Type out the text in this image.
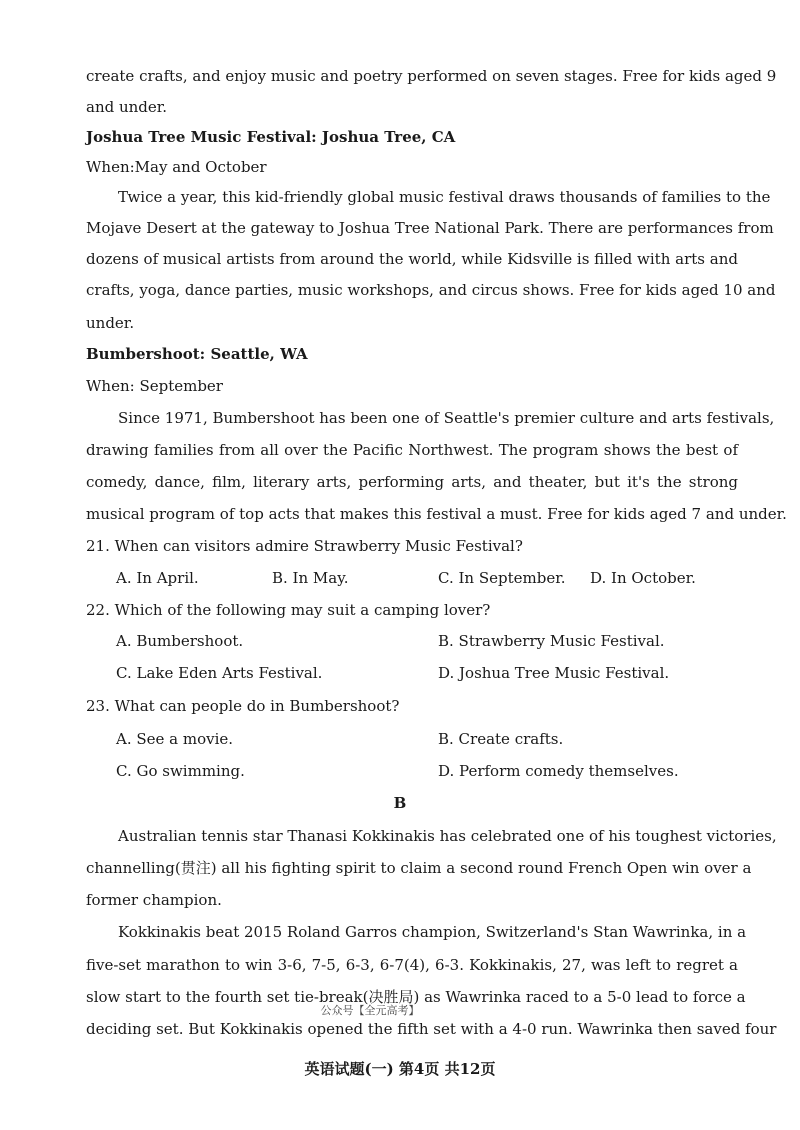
create crafts, and enjoy music and poetry performed on seven stages. Free for kids aged 9
and under.
Joshua Tree Music Festival: Joshua Tree, CA
When:May and October
Twice a year, this kid-friendly global music festival draws thousands of families to the
Mojave Desert at the gateway to Joshua Tree National Park. There are performances from
dozens of musical artists from around the world, while Kidsville is filled with arts and
crafts, yoga, dance parties, music workshops, and circus shows. Free for kids aged 10 and
under.
Bumbershoot: Seattle, WA
When: September
Since 1971, Bumbershoot has been one of Seattle's premier culture and arts festivals,
drawing families from all over the Pacific Northwest. The program shows the best of
comedy, dance, film, literary arts, performing arts, and theater, but it's the strong
musical program of top acts that makes this festival a must. Free for kids aged 7 and under.
21. When can visitors admire Strawberry Music Festival?
A. In April.	B. In May.	C. In September. D. In October.
22. Which of the following may suit a camping lover?
A. Bumbershoot.	B. Strawberry Music Festival.
C. Lake Eden Arts Festival.	D. Joshua Tree Music Festival.
23. What can people do in Bumbershoot?
A. See a movie.	B. Create crafts.
C. Go swimming.	D. Perform comedy themselves.
B
Australian tennis star Thanasi Kokkinakis has celebrated one of his toughest victories,
channelling(贯注) all his fighting spirit to claim a second round French Open win over a
former champion.
Kokkinakis beat 2015 Roland Garros champion, Switzerland's Stan Wawrinka, in a
five-set marathon to win 3-6, 7-5, 6-3, 6-7(4), 6-3. Kokkinakis, 27, was left to regret a
slow start to the fourth set tie-break(决胜局) as Wawrinka raced to a 5-0 lead to force a
deciding set. But Kokkinakis opened the fifth set with a 4-0 run. Wawrinka then saved four
公众号【全元高考】
英语试题(一) 第4页 共12页
